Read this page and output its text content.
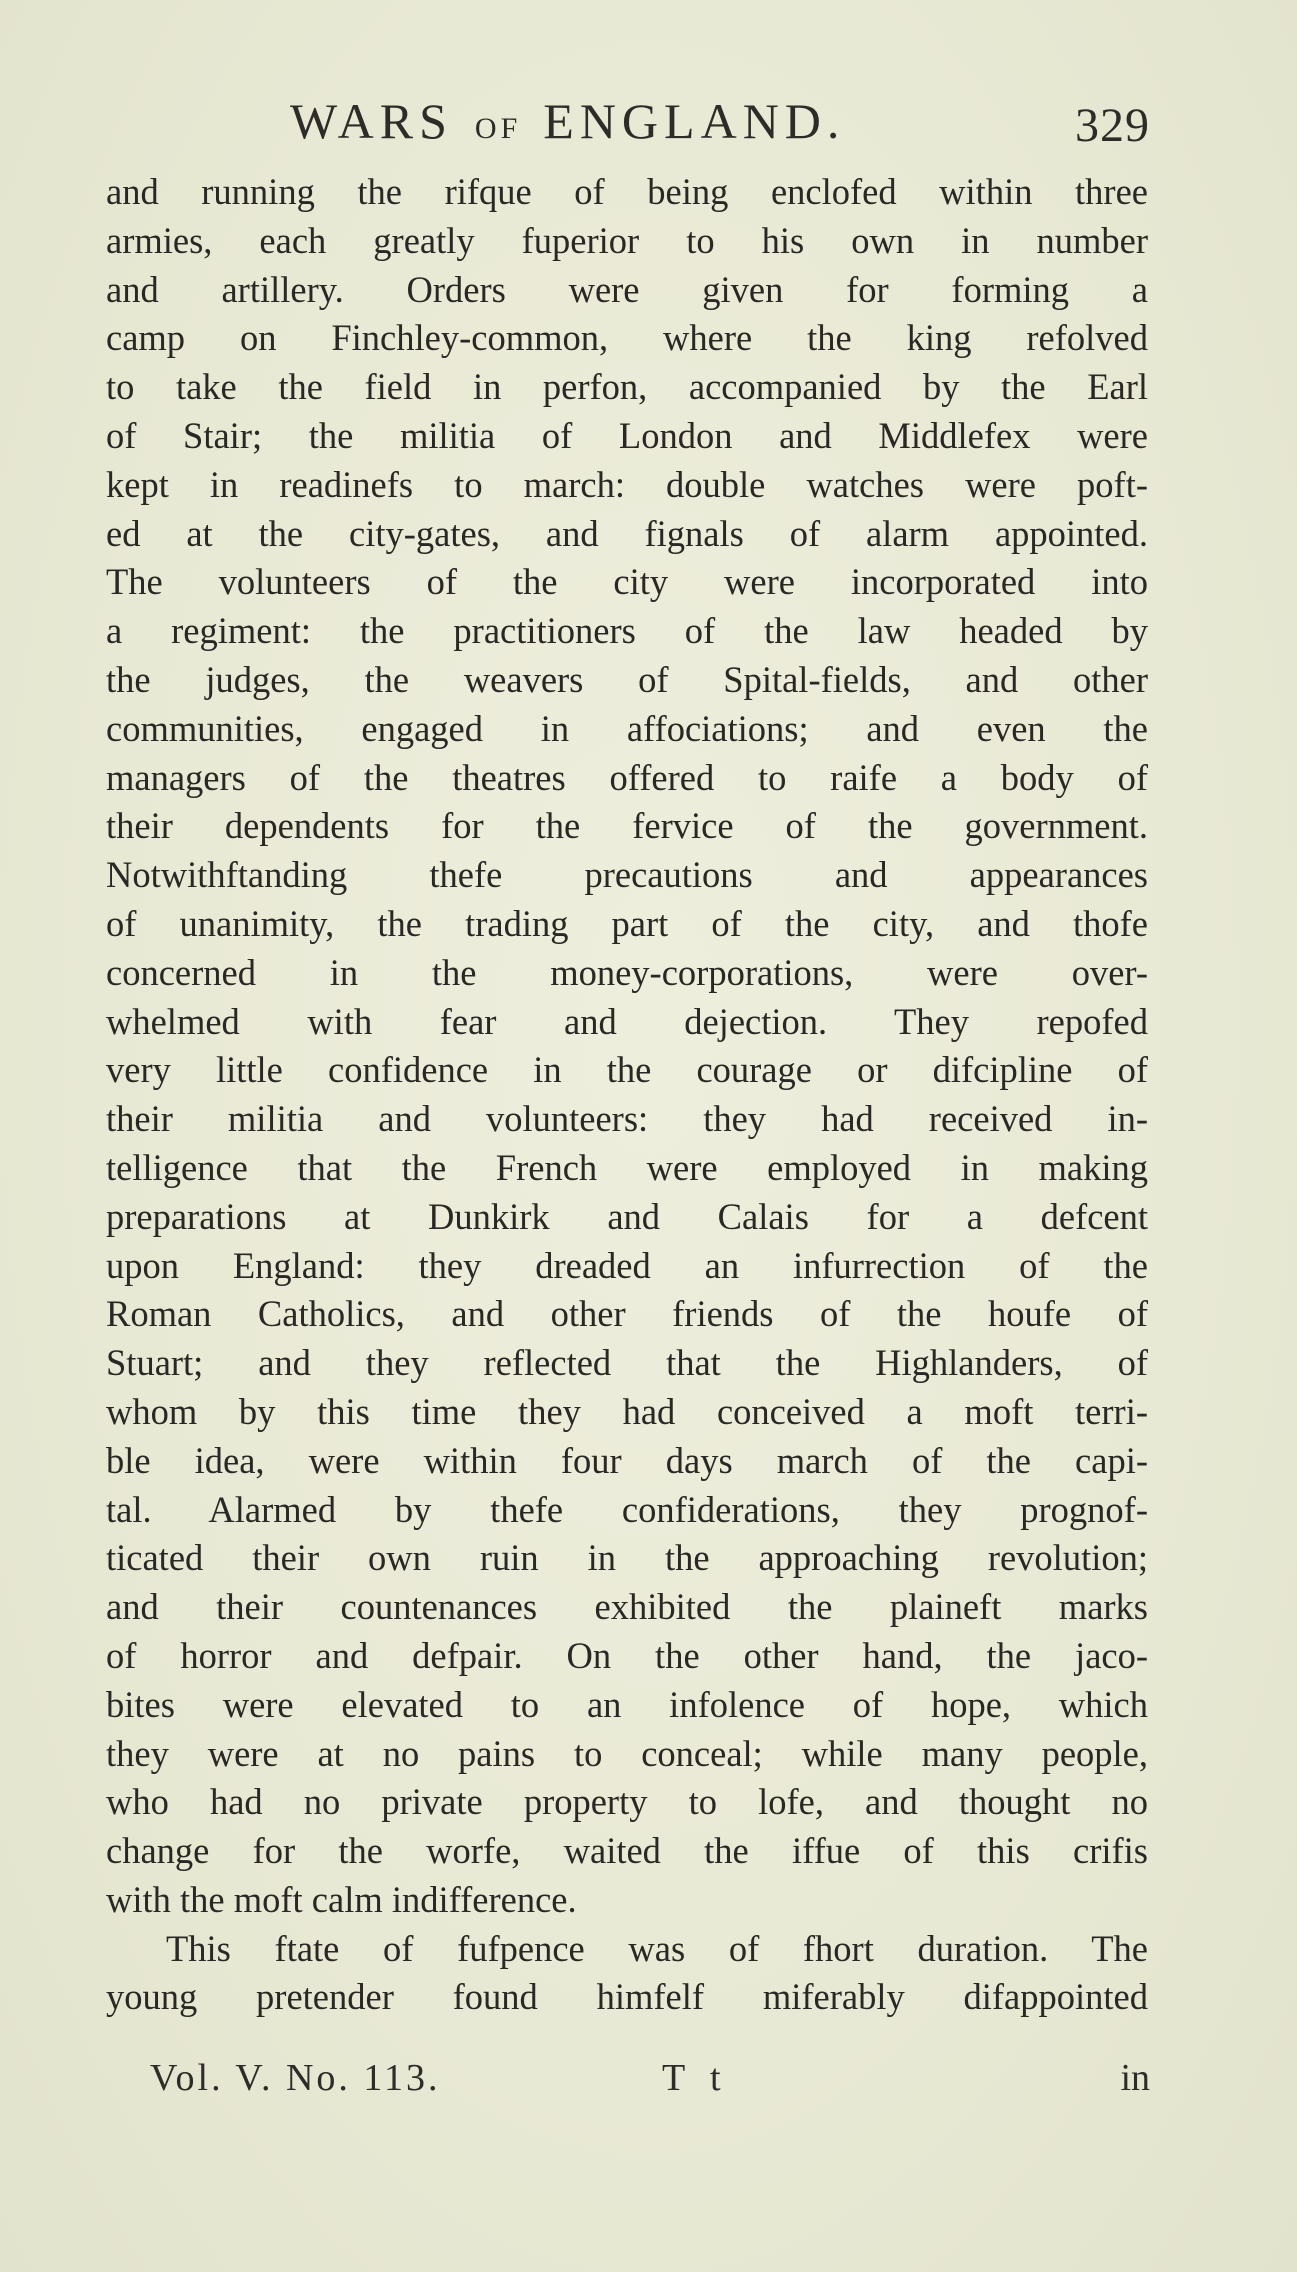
WARS OF ENGLAND.	329
and running the rifque of being enclofed within three
armies, each greatly fuperior to his own in number
and artillery. Orders were given for forming a
camp on Finchley-common, where the king refolved
to take the field in perfon, accompanied by the Earl
of Stair; the militia of London and Middlefex were
kept in readinefs to march: double watches were poft-
ed at the city-gates, and fignals of alarm appointed.
The volunteers of the city were incorporated into
a regiment: the practitioners of the law headed by
the judges, the weavers of Spital-fields, and other
communities, engaged in affociations; and even the
managers of the theatres offered to raife a body of
their dependents for the fervice of the government.
Notwithftanding thefe precautions and appearances
of unanimity, the trading part of the city, and thofe
concerned in the money-corporations, were over-
whelmed with fear and dejection. They repofed
very little confidence in the courage or difcipline of
their militia and volunteers: they had received in-
telligence that the French were employed in making
preparations at Dunkirk and Calais for a defcent
upon England: they dreaded an infurrection of the
Roman Catholics, and other friends of the houfe of
Stuart; and they reflected that the Highlanders, of
whom by this time they had conceived a moft terri-
ble idea, were within four days march of the capi-
tal. Alarmed by thefe confiderations, they prognof-
ticated their own ruin in the approaching revolution;
and their countenances exhibited the plaineft marks
of horror and defpair. On the other hand, the jaco-
bites were elevated to an infolence of hope, which
they were at no pains to conceal; while many people,
who had no private property to lofe, and thought no
change for the worfe, waited the iffue of this crifis
with the moft calm indifference.
This ftate of fufpence was of fhort duration. The
young pretender found himfelf miferably difappointed
Vol. V. No. 113.	T t	in
